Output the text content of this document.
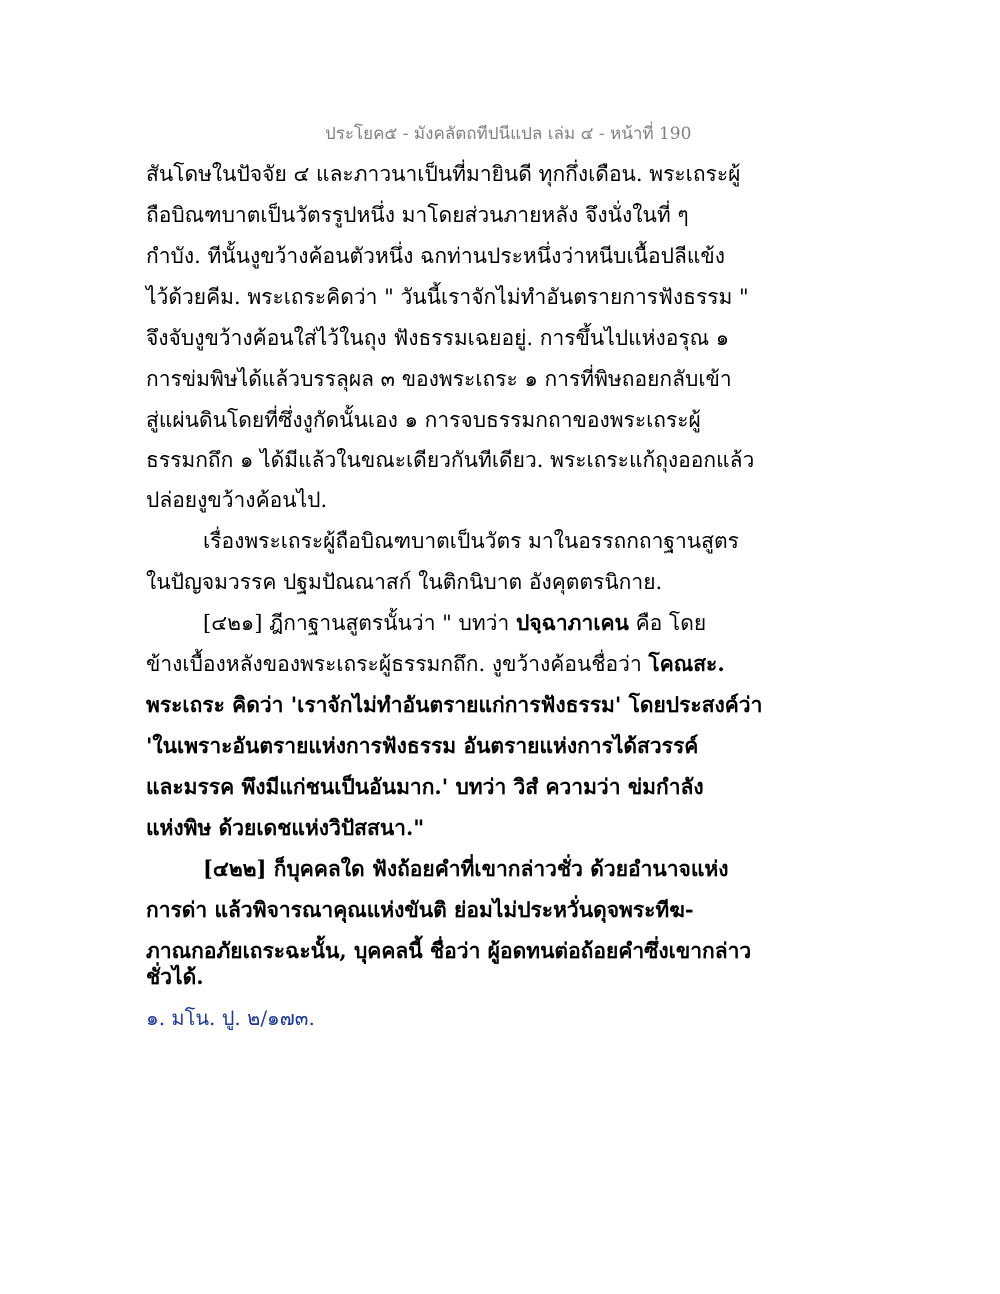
ประโยค๕ - มังคลัตถทีปนีแปล เล่ม ๔ - หน้าที่ 190
สันโดษในปัจจัย ๔ และภาวนาเป็นที่มายินดี ทุกกึ่งเดือน. พระเถระผู้
ถือบิณฑบาตเป็นวัตรรูปหนึ่ง มาโดยส่วนภายหลัง จึงนั่งในที่ ๆ
กำบัง. ทีนั้นงูขว้างค้อนตัวหนึ่ง ฉกท่านประหนึ่งว่าหนีบเนื้อปลีแข้ง
ไว้ด้วยคีม. พระเถระคิดว่า " วันนี้เราจักไม่ทำอันตรายการฟังธรรม "
จึงจับงูขว้างค้อนใส่ไว้ในถุง ฟังธรรมเฉยอยู่. การขึ้นไปแห่งอรุณ ๑
การข่มพิษได้แล้วบรรลุผล ๓ ของพระเถระ ๑ การที่พิษถอยกลับเข้า
สู่แผ่นดินโดยที่ซึ่งงูกัดนั้นเอง ๑ การจบธรรมกถาของพระเถระผู้
ธรรมกถึก ๑ ได้มีแล้วในขณะเดียวกันทีเดียว. พระเถระแก้ถุงออกแล้ว
ปล่อยงูขว้างค้อนไป.
เรื่องพระเถระผู้ถือบิณฑบาตเป็นวัตร มาในอรรถกถาฐานสูตร
ในปัญจมวรรค ปฐมปัณณาสก์ ในติกนิบาต อังคุตตรนิกาย.
[๔๒๑] ฎีกาฐานสูตรนั้นว่า " บทว่า ปจฺฉาภาเคน คือ โดย
ข้างเบื้องหลังของพระเถระผู้ธรรมกถึก. งูขว้างค้อนชื่อว่า โคณสะ.
พระเถระ คิดว่า 'เราจักไม่ทำอันตรายแก่การฟังธรรม' โดยประสงค์ว่า
'ในเพราะอันตรายแห่งการฟังธรรม อันตรายแห่งการได้สวรรค์
และมรรค พึงมีแก่ชนเป็นอันมาก.' บทว่า วิสํ ความว่า ข่มกำลัง
แห่งพิษ ด้วยเดชแห่งวิปัสสนา."
[๔๒๒] ก็บุคคลใด ฟังถ้อยคำที่เขากล่าวชั่ว ด้วยอำนาจแห่ง
การด่า แล้วพิจารณาคุณแห่งขันติ ย่อมไม่ประหวั่นดุจพระทีฆ-
ภาณกอภัยเถระฉะนั้น, บุคคลนี้ ชื่อว่า ผู้อดทนต่อถ้อยคำซึ่งเขากล่าว
ชั่วได้.
๑. มโน. ปู. ๒/๑๗๓.
